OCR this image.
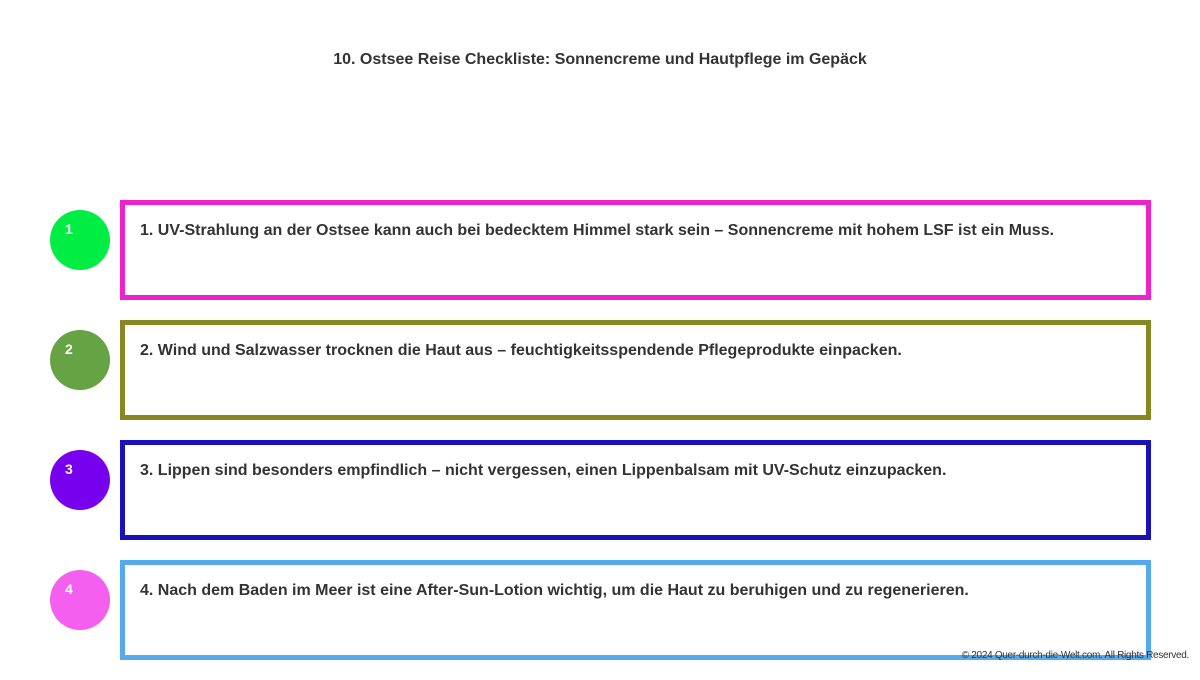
10. Ostsee Reise Checkliste: Sonnencreme und Hautpflege im Gepäck
1	1. UV-Strahlung an der Ostsee kann auch bei bedecktem Himmel stark sein – Sonnencreme mit hohem LSF ist ein Muss.
2	2. Wind und Salzwasser trocknen die Haut aus – feuchtigkeitsspendende Pflegeprodukte einpacken.
3	3. Lippen sind besonders empfindlich – nicht vergessen, einen Lippenbalsam mit UV-Schutz einzupacken.
4	4. Nach dem Baden im Meer ist eine After-Sun-Lotion wichtig, um die Haut zu beruhigen und zu regenerieren.
© 2024 Quer-durch-die-Welt.com. All Rights Reserved.
